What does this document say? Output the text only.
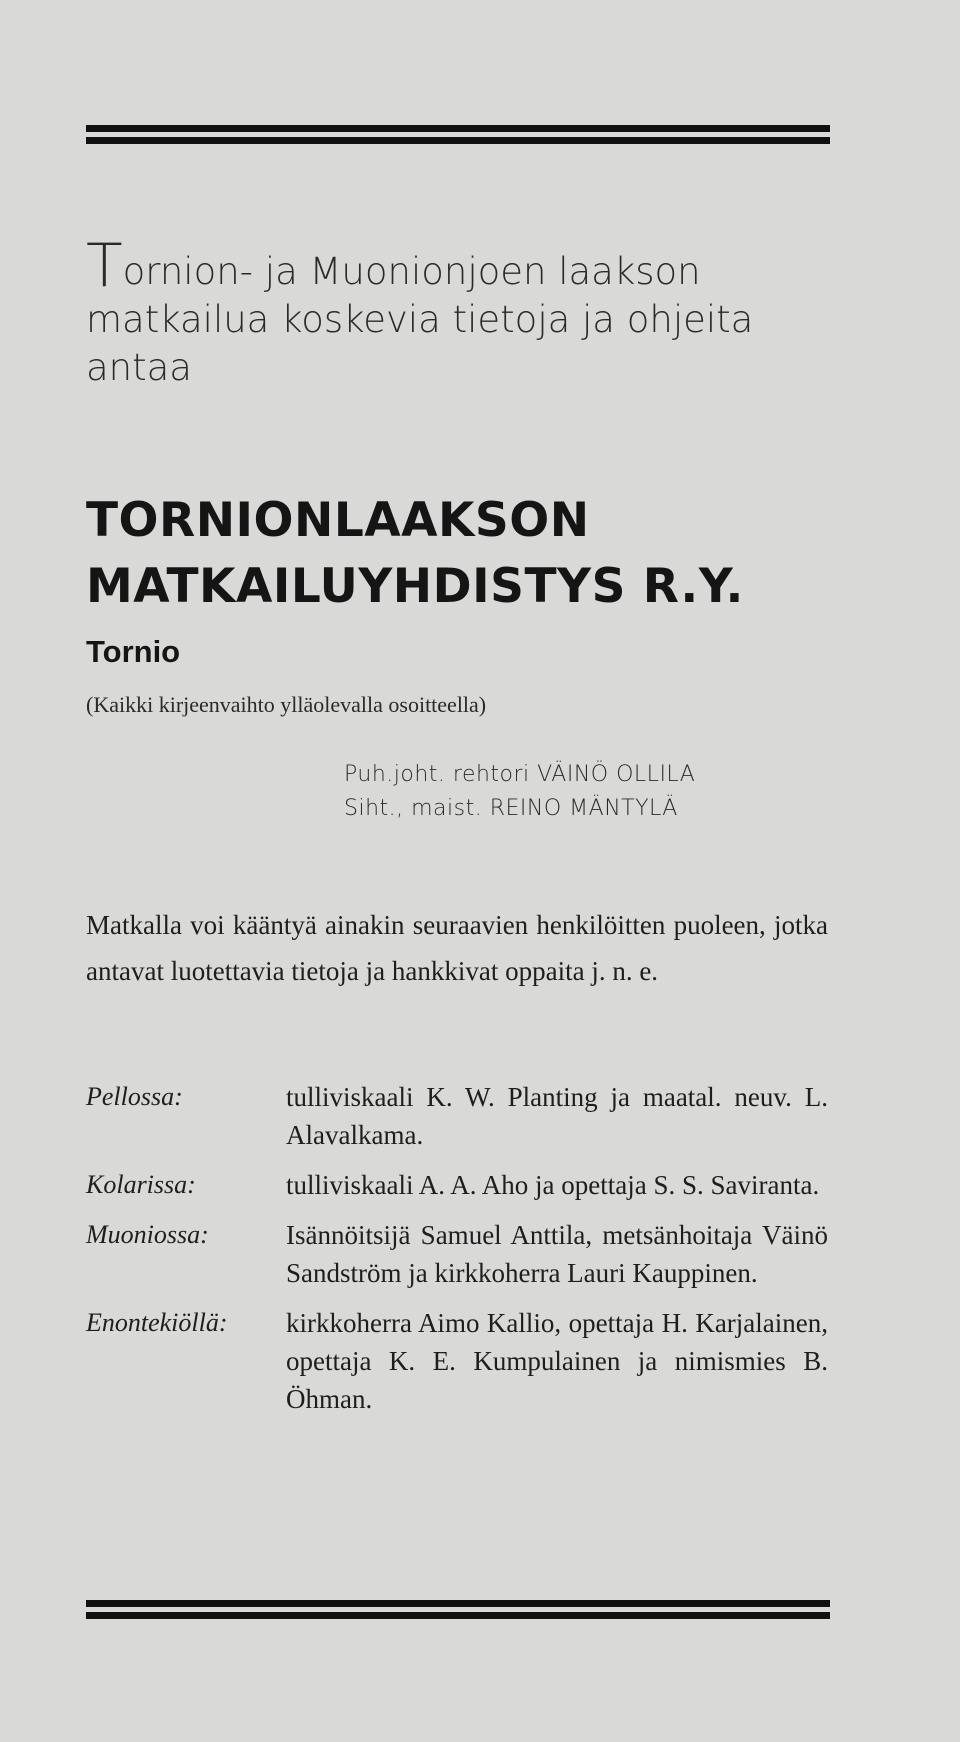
Tornion- ja Muonionjoen laakson matkailua koskevia tietoja ja ohjeita antaa

TORNIONLAAKSON
MATKAILUYHDISTYS R.Y.

Tornio

(Kaikki kirjeenvaihto ylläolevalla osoitteella)

Puh.joht. rehtori VÄINÖ OLLILA
Siht., maist. REINO MÄNTYLÄ

Matkalla voi kääntyä ainakin seuraavien henkilöitten puoleen, jotka antavat luotettavia tietoja ja hankkivat oppaita j. n. e.

Pellossa:	tulliviskaali K. W. Planting ja maatal. neuv. L. Alavalkama.
Kolarissa:	tulliviskaali A. A. Aho ja opettaja S. S. Saviranta.
Muoniossa:	Isännöitsijä Samuel Anttila, metsänhoitaja Väinö Sandström ja kirkkoherra Lauri Kauppinen.
Enontekiöllä: kirkkoherra Aimo Kallio, opettaja H. Karjalainen, opettaja K. E. Kumpulainen ja nimismies B. Öhman.
